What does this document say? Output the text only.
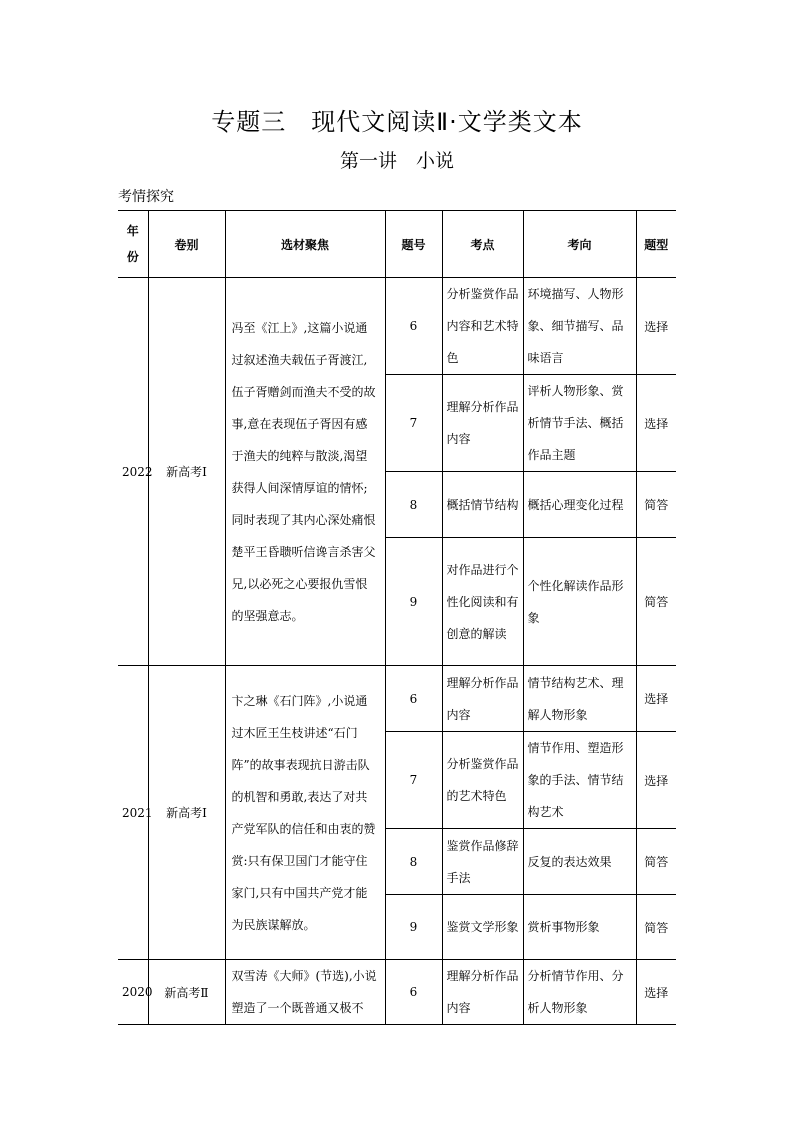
专题三　现代文阅读Ⅱ·文学类文本
第一讲　小说
考情探究
年份	卷别	选材聚焦	题号	考点	考向	题型
2022	新高考Ⅰ	冯至《江上》,这篇小说通过叙述渔夫载伍子胥渡江,伍子胥赠剑而渔夫不受的故事,意在表现伍子胥因有感于渔夫的纯粹与散淡,渴望获得人间深情厚谊的情怀;同时表现了其内心深处痛恨楚平王昏聩听信谗言杀害父兄,以必死之心要报仇雪恨的坚强意志。	6	分析鉴赏作品内容和艺术特色	环境描写、人物形象、细节描写、品味语言	选择
			7	理解分析作品内容	评析人物形象、赏析情节手法、概括作品主题	选择
			8	概括情节结构	概括心理变化过程	简答
			9	对作品进行个性化阅读和有创意的解读	个性化解读作品形象	简答
2021	新高考Ⅰ	卞之琳《石门阵》,小说通过木匠王生枝讲述“石门阵”的故事表现抗日游击队的机智和勇敢,表达了对共产党军队的信任和由衷的赞赏:只有保卫国门才能守住家门,只有中国共产党才能为民族谋解放。	6	理解分析作品内容	情节结构艺术、理解人物形象	选择
			7	分析鉴赏作品的艺术特色	情节作用、塑造形象的手法、情节结构艺术	选择
			8	鉴赏作品修辞手法	反复的表达效果	简答
			9	鉴赏文学形象	赏析事物形象	简答
2020	新高考Ⅱ	双雪涛《大师》(节选),小说塑造了一个既普通又极不	6	理解分析作品内容	分析情节作用、分析人物形象	选择
